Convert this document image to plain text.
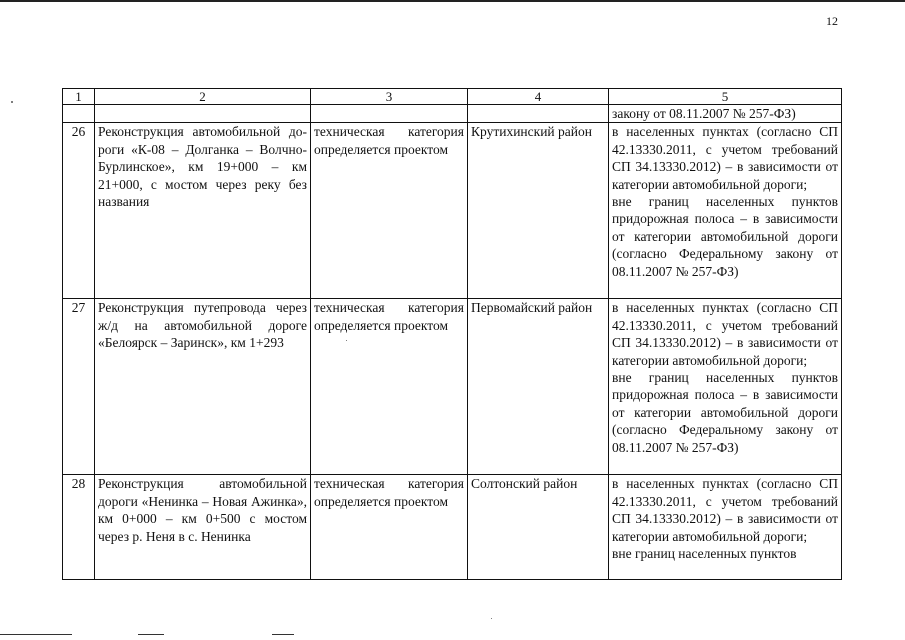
12
1	2	3	4	5
				закону от 08.11.2007 № 257-ФЗ)
26	Реконструкция автомобильной дороги «К-08 – Долганка – Волчно-Бурлинское», км 19+000 – км 21+000, с мостом через реку без названия	техническая категория определяется проектом	Крутихинский район	в населенных пунктах (согласно СП 42.13330.2011, с учетом требований СП 34.13330.2012) – в зависимости от категории автомобильной дороги;

вне границ населенных пунктов придорожная полоса – в зависимости от категории автомобильной дороги (согласно Федеральному закону от 08.11.2007 № 257-ФЗ)

27	Реконструкция путепровода через ж/д на автомобильной дороге «Белоярск – Заринск», км 1+293	техническая категория определяется проектом	Первомайский район	в населенных пунктах (согласно СП 42.13330.2011, с учетом требований СП 34.13330.2012) – в зависимости от категории автомобильной дороги;

вне границ населенных пунктов придорожная полоса – в зависимости от категории автомобильной дороги (согласно Федеральному закону от 08.11.2007 № 257-ФЗ)

28	Реконструкция автомобильной дороги «Ненинка – Новая Ажинка», км 0+000 – км 0+500 с мостом через р. Неня в с. Ненинка	техническая категория определяется проектом	Солтонский район	в населенных пунктах (согласно СП 42.13330.2011, с учетом требований СП 34.13330.2012) – в зависимости от категории автомобильной дороги;

вне границ населенных пунктов
